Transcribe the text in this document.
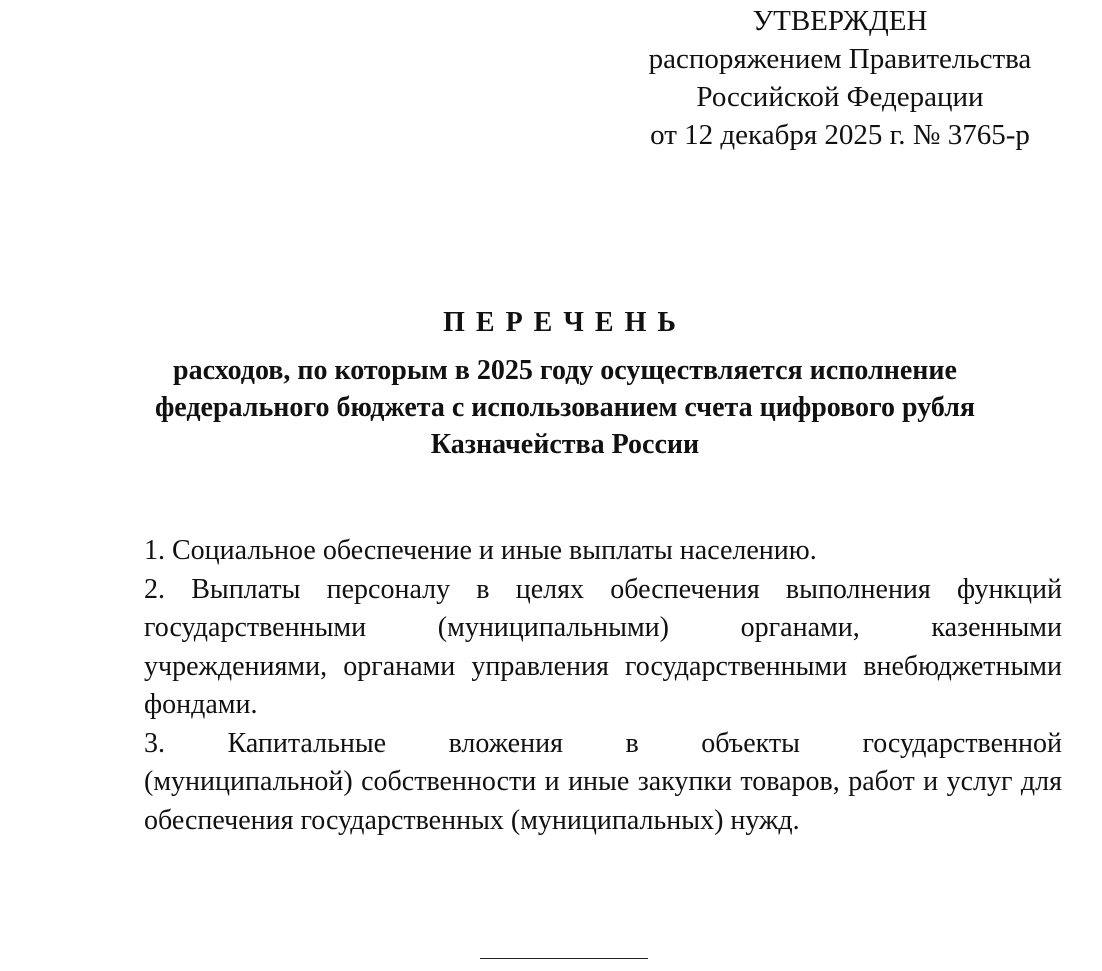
УТВЕРЖДЕН
распоряжением Правительства
Российской Федерации
от 12 декабря 2025 г. № 3765-р
ПЕРЕЧЕНЬ
расходов, по которым в 2025 году осуществляется исполнение
федерального бюджета с использованием счета цифрового рубля
Казначейства России
1. Социальное обеспечение и иные выплаты населению.
2. Выплаты персоналу в целях обеспечения выполнения функций
государственными (муниципальными) органами, казенными
учреждениями, органами управления государственными внебюджетными
фондами.
3. Капитальные вложения в объекты государственной
(муниципальной) собственности и иные закупки товаров, работ и услуг для
обеспечения государственных (муниципальных) нужд.
